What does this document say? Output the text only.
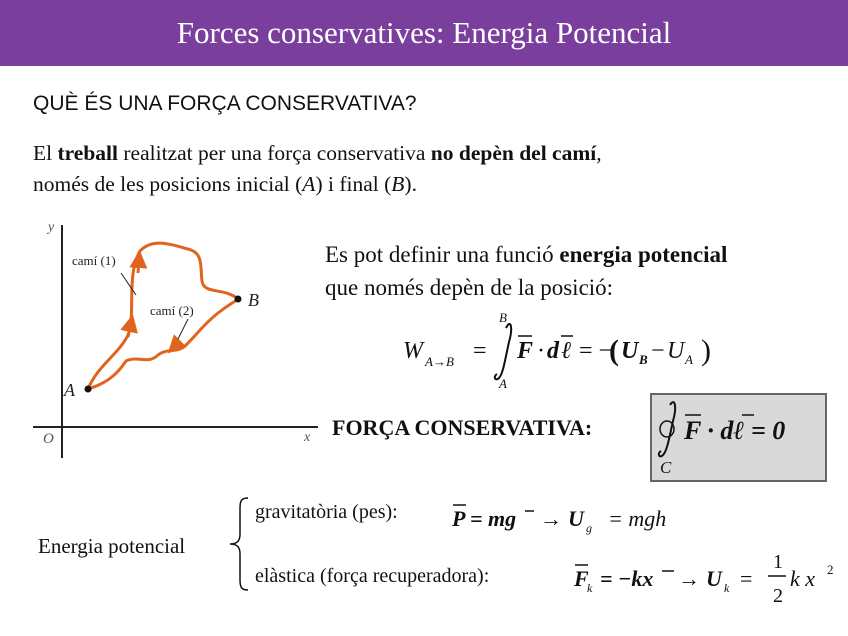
Forces conservatives: Energia Potencial
QUÈ ÉS UNA FORÇA CONSERVATIVA?
El treball realitzat per una força conservativa no depèn del camí,
només de les posicions inicial (A) i final (B).
y
x
O
A
B
camí (1)
camí (2)
Es pot definir una funció energia potencial
que només depèn de la posició:
W A→B =
B
A
F · d ℓ = −
( U B − U A )
FORÇA CONSERVATIVA:	F · dℓ = 0
C
Energia potencial
gravitatòria (pes):
elàstica (força recuperadora):
P = mg → U g = mgh
F
k = −kx → U k =
1
2
k x 2
